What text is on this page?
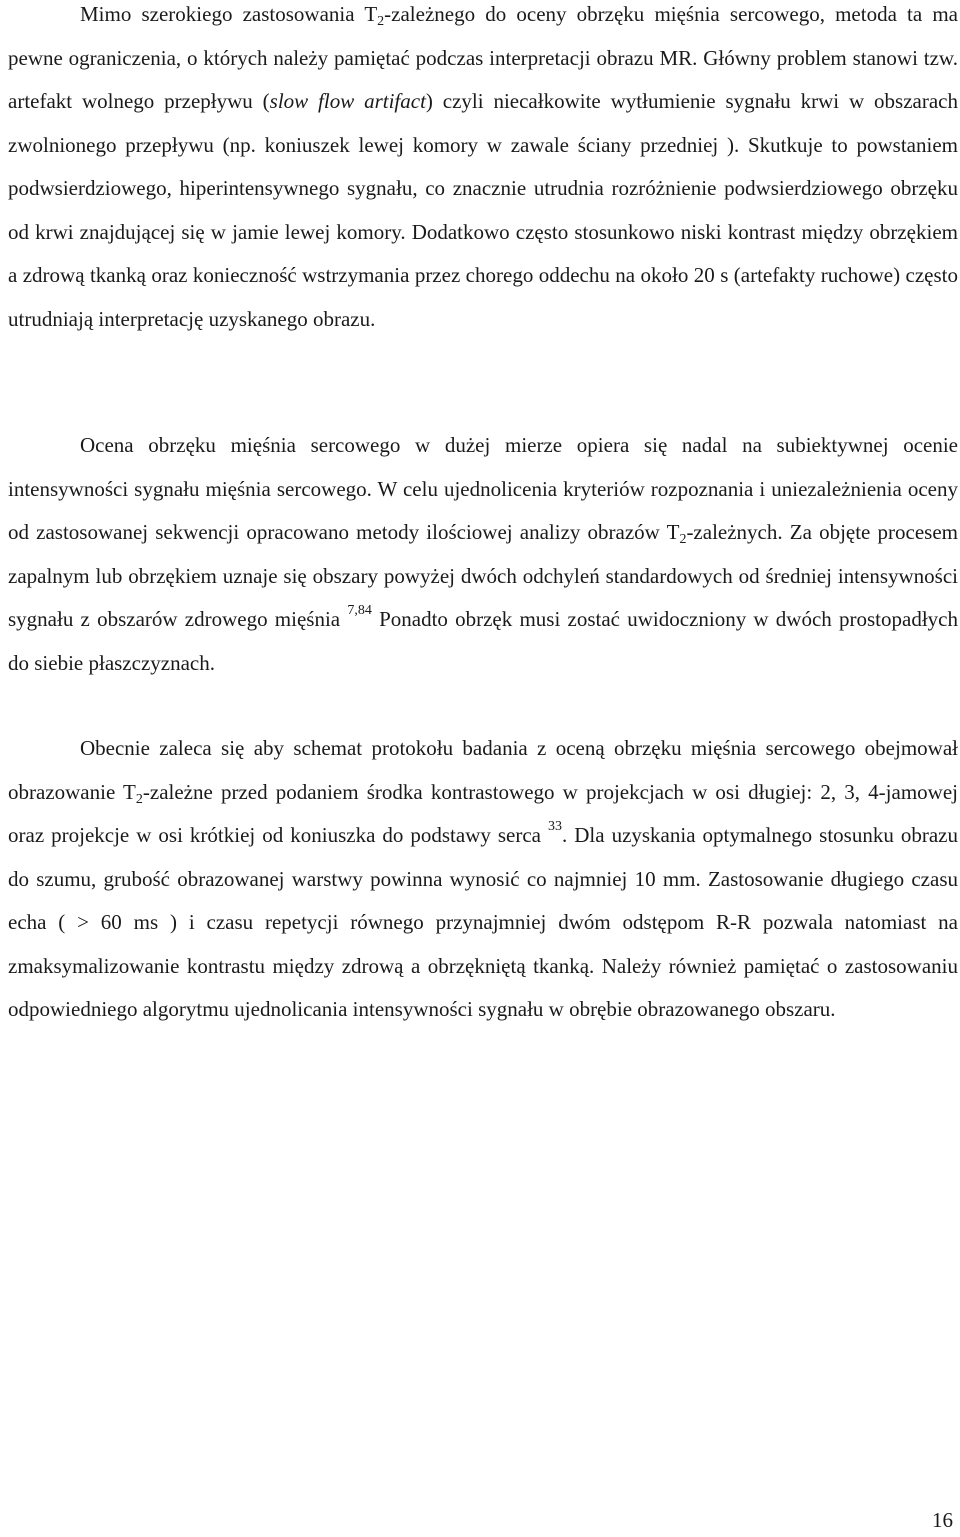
Mimo szerokiego zastosowania $T_2$-zależnego do oceny obrzęku mięśnia sercowego, metoda ta ma pewne ograniczenia, o których należy pamiętać podczas interpretacji obrazu MR. Główny problem stanowi tzw. artefakt wolnego przepływu (slow flow artifact) czyli niecałkowite wytłumienie sygnału krwi w obszarach zwolnionego przepływu (np. koniuszek lewej komory w zawale ściany przedniej ). Skutkuje to powstaniem podwsierdziowego, hiperintensywnego sygnału, co znacznie utrudnia rozróżnienie podwsierdziowego obrzęku od krwi znajdującej się w jamie lewej komory. Dodatkowo często stosunkowo niski kontrast między obrzękiem a zdrową tkanką oraz konieczność wstrzymania przez chorego oddechu na około 20 s (artefakty ruchowe) często utrudniają interpretację uzyskanego obrazu.

Ocena obrzęku mięśnia sercowego w dużej mierze opiera się nadal na subiektywnej ocenie intensywności sygnału mięśnia sercowego. W celu ujednolicenia kryteriów rozpoznania i uniezależnienia oceny od zastosowanej sekwencji opracowano metody ilościowej analizy obrazów $T_2$-zależnych. Za objęte procesem zapalnym lub obrzękiem uznaje się obszary powyżej dwóch odchyleń standardowych od średniej intensywności sygnału z obszarów zdrowego mięśnia $^{7,84}$ Ponadto obrzęk musi zostać uwidoczniony w dwóch prostopadłych do siebie płaszczyznach.

Obecnie zaleca się aby schemat protokołu badania z oceną obrzęku mięśnia sercowego obejmował obrazowanie $T_2$-zależne przed podaniem środka kontrastowego w projekcjach w osi długiej: 2, 3, 4-jamowej oraz projekcje w osi krótkiej od koniuszka do podstawy serca $^{33}$. Dla uzyskania optymalnego stosunku obrazu do szumu, grubość obrazowanej warstwy powinna wynosić co najmniej 10 mm. Zastosowanie długiego czasu echa ( > 60 ms ) i czasu repetycji równego przynajmniej dwóm odstępom R-R pozwala natomiast na zmaksymalizowanie kontrastu między zdrową a obrzękniętą tkanką. Należy również pamiętać o zastosowaniu odpowiedniego algorytmu ujednolicania intensywności sygnału w obrębie obrazowanego obszaru.

16
